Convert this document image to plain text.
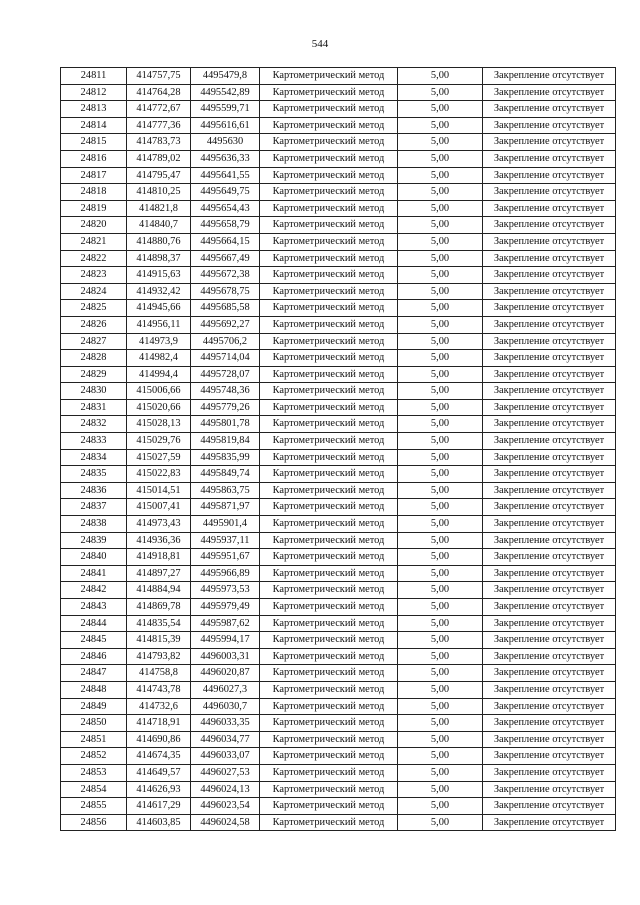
544
24811	414757,75	4495479,8	Картометрический метод	5,00	Закрепление отсутствует
24812	414764,28	4495542,89	Картометрический метод	5,00	Закрепление отсутствует
24813	414772,67	4495599,71	Картометрический метод	5,00	Закрепление отсутствует
24814	414777,36	4495616,61	Картометрический метод	5,00	Закрепление отсутствует
24815	414783,73	4495630	Картометрический метод	5,00	Закрепление отсутствует
24816	414789,02	4495636,33	Картометрический метод	5,00	Закрепление отсутствует
24817	414795,47	4495641,55	Картометрический метод	5,00	Закрепление отсутствует
24818	414810,25	4495649,75	Картометрический метод	5,00	Закрепление отсутствует
24819	414821,8	4495654,43	Картометрический метод	5,00	Закрепление отсутствует
24820	414840,7	4495658,79	Картометрический метод	5,00	Закрепление отсутствует
24821	414880,76	4495664,15	Картометрический метод	5,00	Закрепление отсутствует
24822	414898,37	4495667,49	Картометрический метод	5,00	Закрепление отсутствует
24823	414915,63	4495672,38	Картометрический метод	5,00	Закрепление отсутствует
24824	414932,42	4495678,75	Картометрический метод	5,00	Закрепление отсутствует
24825	414945,66	4495685,58	Картометрический метод	5,00	Закрепление отсутствует
24826	414956,11	4495692,27	Картометрический метод	5,00	Закрепление отсутствует
24827	414973,9	4495706,2	Картометрический метод	5,00	Закрепление отсутствует
24828	414982,4	4495714,04	Картометрический метод	5,00	Закрепление отсутствует
24829	414994,4	4495728,07	Картометрический метод	5,00	Закрепление отсутствует
24830	415006,66	4495748,36	Картометрический метод	5,00	Закрепление отсутствует
24831	415020,66	4495779,26	Картометрический метод	5,00	Закрепление отсутствует
24832	415028,13	4495801,78	Картометрический метод	5,00	Закрепление отсутствует
24833	415029,76	4495819,84	Картометрический метод	5,00	Закрепление отсутствует
24834	415027,59	4495835,99	Картометрический метод	5,00	Закрепление отсутствует
24835	415022,83	4495849,74	Картометрический метод	5,00	Закрепление отсутствует
24836	415014,51	4495863,75	Картометрический метод	5,00	Закрепление отсутствует
24837	415007,41	4495871,97	Картометрический метод	5,00	Закрепление отсутствует
24838	414973,43	4495901,4	Картометрический метод	5,00	Закрепление отсутствует
24839	414936,36	4495937,11	Картометрический метод	5,00	Закрепление отсутствует
24840	414918,81	4495951,67	Картометрический метод	5,00	Закрепление отсутствует
24841	414897,27	4495966,89	Картометрический метод	5,00	Закрепление отсутствует
24842	414884,94	4495973,53	Картометрический метод	5,00	Закрепление отсутствует
24843	414869,78	4495979,49	Картометрический метод	5,00	Закрепление отсутствует
24844	414835,54	4495987,62	Картометрический метод	5,00	Закрепление отсутствует
24845	414815,39	4495994,17	Картометрический метод	5,00	Закрепление отсутствует
24846	414793,82	4496003,31	Картометрический метод	5,00	Закрепление отсутствует
24847	414758,8	4496020,87	Картометрический метод	5,00	Закрепление отсутствует
24848	414743,78	4496027,3	Картометрический метод	5,00	Закрепление отсутствует
24849	414732,6	4496030,7	Картометрический метод	5,00	Закрепление отсутствует
24850	414718,91	4496033,35	Картометрический метод	5,00	Закрепление отсутствует
24851	414690,86	4496034,77	Картометрический метод	5,00	Закрепление отсутствует
24852	414674,35	4496033,07	Картометрический метод	5,00	Закрепление отсутствует
24853	414649,57	4496027,53	Картометрический метод	5,00	Закрепление отсутствует
24854	414626,93	4496024,13	Картометрический метод	5,00	Закрепление отсутствует
24855	414617,29	4496023,54	Картометрический метод	5,00	Закрепление отсутствует
24856	414603,85	4496024,58	Картометрический метод	5,00	Закрепление отсутствует
